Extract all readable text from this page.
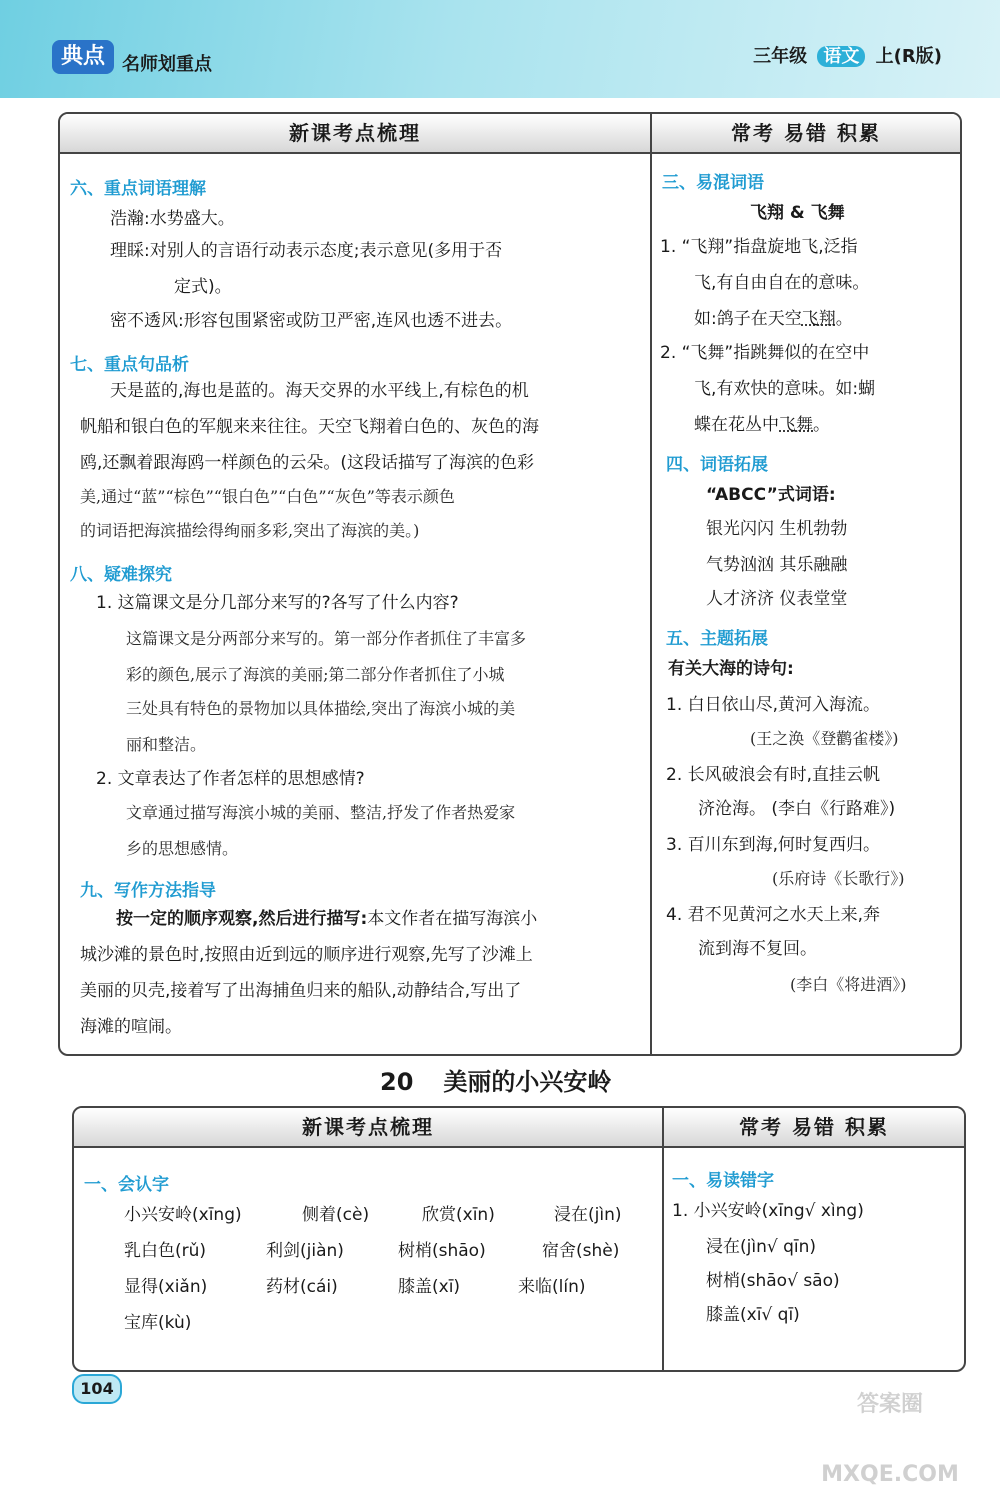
典点 名师划重点	三年级 语文 上(R版)
新课考点梳理	常考 易错 积累
六、重点词语理解
浩瀚:水势盛大。
理睬:对别人的言语行动表示态度;表示意见(多用于否
定式)。
密不透风:形容包围紧密或防卫严密,连风也透不进去。
七、重点句品析
天是蓝的,海也是蓝的。海天交界的水平线上,有棕色的机
帆船和银白色的军舰来来往往。天空飞翔着白色的、灰色的海
鸥,还飘着跟海鸥一样颜色的云朵。(这段话描写了海滨的色彩
美,通过“蓝”“棕色”“银白色”“白色”“灰色”等表示颜色
的词语把海滨描绘得绚丽多彩,突出了海滨的美。)
八、疑难探究
1. 这篇课文是分几部分来写的?各写了什么内容?
这篇课文是分两部分来写的。第一部分作者抓住了丰富多
彩的颜色,展示了海滨的美丽;第二部分作者抓住了小城
三处具有特色的景物加以具体描绘,突出了海滨小城的美
丽和整洁。
2. 文章表达了作者怎样的思想感情?
文章通过描写海滨小城的美丽、整洁,抒发了作者热爱家
乡的思想感情。
九、写作方法指导
按一定的顺序观察,然后进行描写:本文作者在描写海滨小
城沙滩的景色时,按照由近到远的顺序进行观察,先写了沙滩上
美丽的贝壳,接着写了出海捕鱼归来的船队,动静结合,写出了
海滩的喧闹。
三、易混词语
飞翔 & 飞舞
1. “飞翔”指盘旋地飞,泛指
飞,有自由自在的意味。
如:鸽子在天空飞翔。
2. “飞舞”指跳舞似的在空中
飞,有欢快的意味。如:蝴
蝶在花丛中飞舞。
四、词语拓展
“ABCC”式词语:
银光闪闪 生机勃勃
气势汹汹 其乐融融
人才济济 仪表堂堂
五、主题拓展
有关大海的诗句:
1. 白日依山尽,黄河入海流。
(王之涣《登鹳雀楼》)
2. 长风破浪会有时,直挂云帆
济沧海。 (李白《行路难》)
3. 百川东到海,何时复西归。
(乐府诗《长歌行》)
4. 君不见黄河之水天上来,奔
流到海不复回。
(李白《将进酒》)
20 美丽的小兴安岭
新课考点梳理	常考 易错 积累
一、会认字
小兴安岭(xīng)	侧着(cè)	欣赏(xīn)	浸在(jìn)
乳白色(rǔ)	利剑(jiàn)	树梢(shāo)	宿舍(shè)
显得(xiǎn)	药材(cái)	膝盖(xī)	来临(lín)
宝库(kù)
一、易读错字
1. 小兴安岭(xīng√ xìng)
浸在(jìn√ qīn)
树梢(shāo√ sāo)
膝盖(xī√ qī)
104
答案圈 MXQE.COM
